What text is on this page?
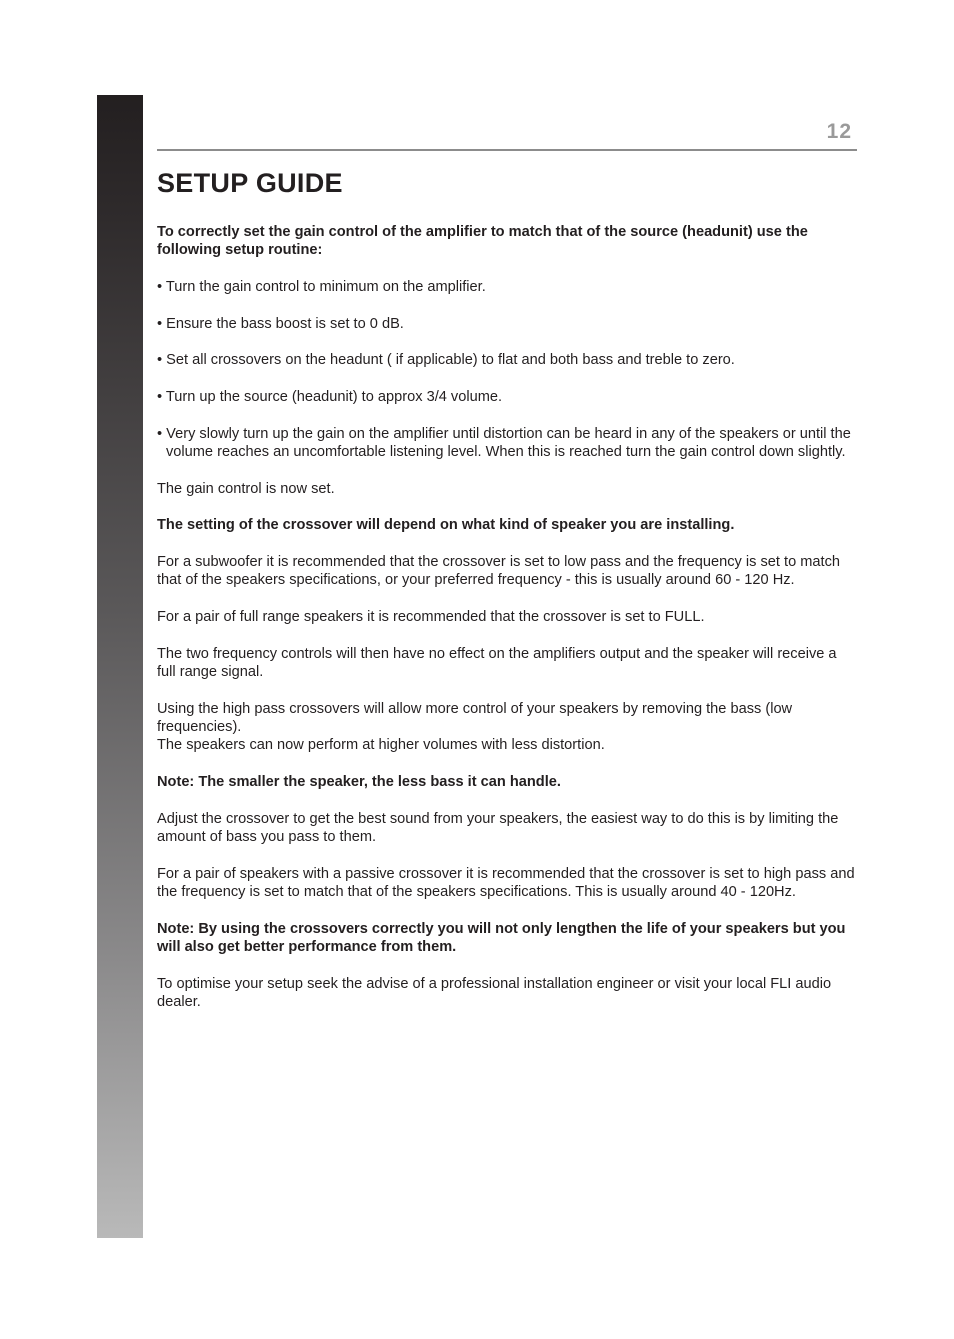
12
SETUP GUIDE

To correctly set the gain control of the amplifier to match that of the source (headunit) use the following setup routine:

• Turn the gain control to minimum on the amplifier.

• Ensure the bass boost is set to 0 dB.

• Set all crossovers on the headunt ( if applicable) to flat and both bass and treble to zero.

• Turn up the source (headunit) to approx 3/4 volume.

• Very slowly turn up the gain on the amplifier until distortion can be heard in any of the speakers or until the volume reaches an uncomfortable listening level. When this is reached turn the gain control down slightly.

The gain control is now set.

The setting of the crossover will depend on what kind of speaker you are installing.

For a subwoofer it is recommended that the crossover is set to low pass and the frequency is set to match that of the speakers specifications, or your preferred frequency - this is usually around 60 - 120 Hz.

For a pair of full range speakers it is recommended that the crossover is set to FULL.

The two frequency controls will then have no effect on the amplifiers output and the speaker will receive a full range signal.

Using the high pass crossovers will allow more control of your speakers by removing the bass (low frequencies).
The speakers can now perform at higher volumes with less distortion.

Note: The smaller the speaker, the less bass it can handle.

Adjust the crossover to get the best sound from your speakers, the easiest way to do this is by limiting the amount of bass you pass to them.

For a pair of speakers with a passive crossover it is recommended that the crossover is set to high pass and the frequency is set to match that of the speakers specifications. This is usually around 40 - 120Hz.

Note: By using the crossovers correctly you will not only lengthen the life of your speakers but you will also get better performance from them.

To optimise your setup seek the advise of a professional installation engineer or visit your local FLI audio dealer.
